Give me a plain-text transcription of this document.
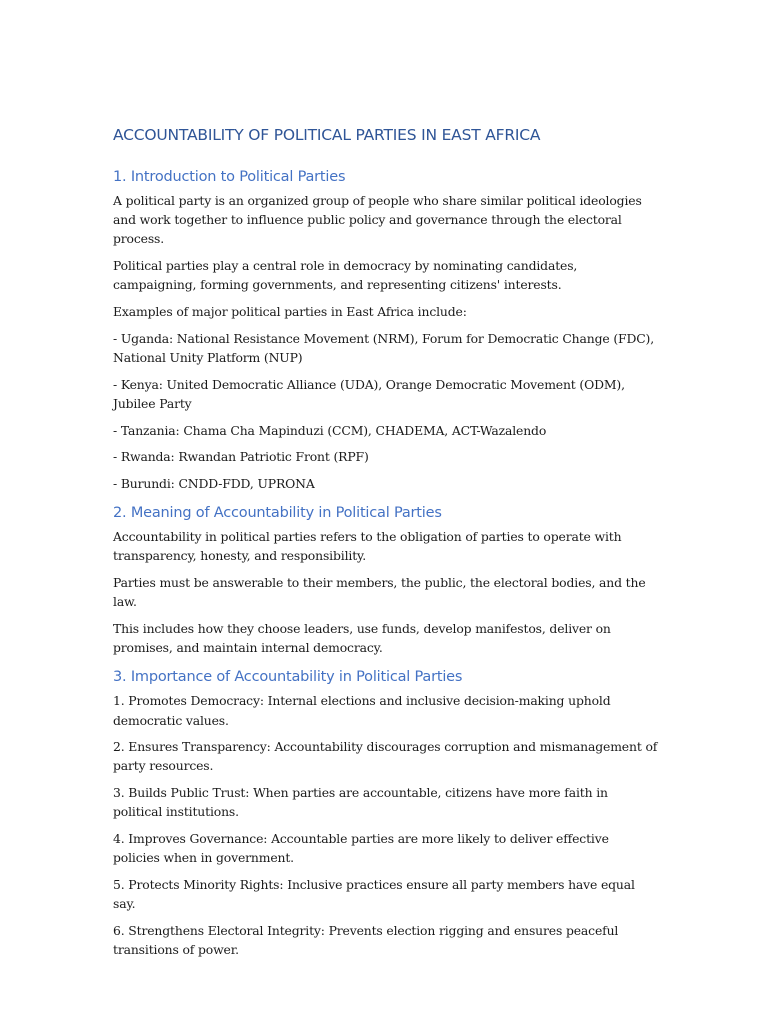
ACCOUNTABILITY OF POLITICAL PARTIES IN EAST AFRICA
1. Introduction to Political Parties

A political party is an organized group of people who share similar political ideologies and work together to influence public policy and governance through the electoral process.

Political parties play a central role in democracy by nominating candidates, campaigning, forming governments, and representing citizens' interests.

Examples of major political parties in East Africa include:

- Uganda: National Resistance Movement (NRM), Forum for Democratic Change (FDC), National Unity Platform (NUP)

- Kenya: United Democratic Alliance (UDA), Orange Democratic Movement (ODM), Jubilee Party

- Tanzania: Chama Cha Mapinduzi (CCM), CHADEMA, ACT-Wazalendo

- Rwanda: Rwandan Patriotic Front (RPF)

- Burundi: CNDD-FDD, UPRONA

2. Meaning of Accountability in Political Parties

Accountability in political parties refers to the obligation of parties to operate with transparency, honesty, and responsibility.

Parties must be answerable to their members, the public, the electoral bodies, and the law.

This includes how they choose leaders, use funds, develop manifestos, deliver on promises, and maintain internal democracy.

3. Importance of Accountability in Political Parties

1. Promotes Democracy: Internal elections and inclusive decision-making uphold democratic values.

2. Ensures Transparency: Accountability discourages corruption and mismanagement of party resources.

3. Builds Public Trust: When parties are accountable, citizens have more faith in political institutions.

4. Improves Governance: Accountable parties are more likely to deliver effective policies when in government.

5. Protects Minority Rights: Inclusive practices ensure all party members have equal say.

6. Strengthens Electoral Integrity: Prevents election rigging and ensures peaceful transitions of power.
